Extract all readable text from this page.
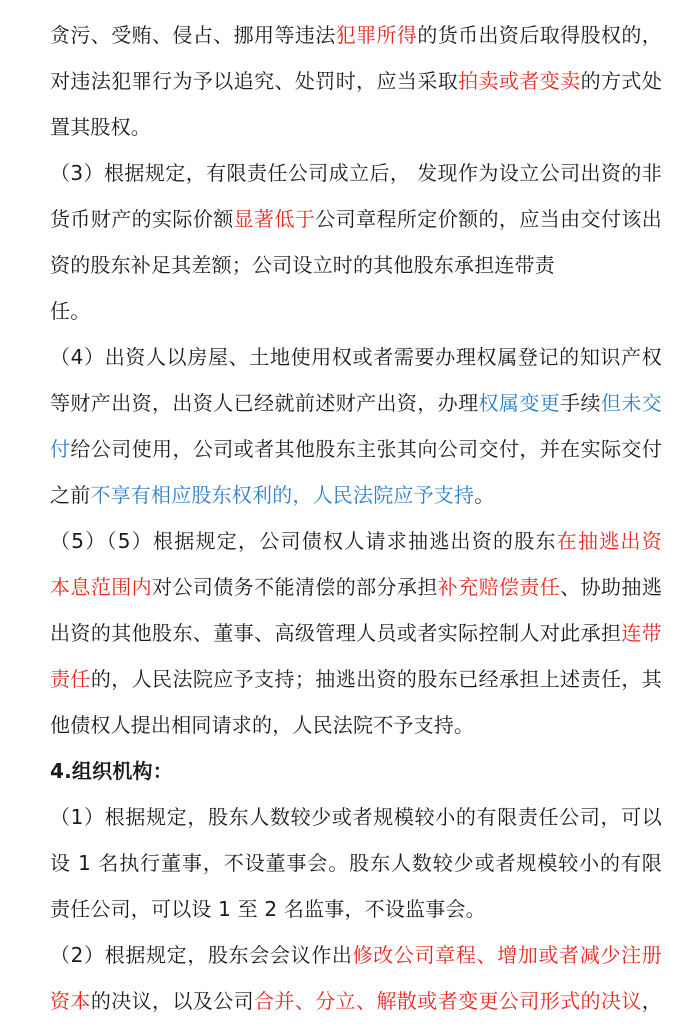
贪污、受贿、侵占、挪用等违法犯罪所得的货币出资后取得股权的，
对违法犯罪行为予以追究、处罚时，应当采取拍卖或者变卖的方式处
置其股权。
（3）根据规定，有限责任公司成立后， 发现作为设立公司出资的非
货币财产的实际价额显著低于公司章程所定价额的，应当由交付该出
资的股东补足其差额；公司设立时的其他股东承担连带责
任。
（4）出资人以房屋、土地使用权或者需要办理权属登记的知识产权
等财产出资，出资人已经就前述财产出资，办理权属变更手续但未交
付给公司使用，公司或者其他股东主张其向公司交付，并在实际交付
之前不享有相应股东权利的，人民法院应予支持。
（5）（5）根据规定，公司债权人请求抽逃出资的股东在抽逃出资
本息范围内对公司债务不能清偿的部分承担补充赔偿责任、协助抽逃
出资的其他股东、董事、高级管理人员或者实际控制人对此承担连带
责任的，人民法院应予支持；抽逃出资的股东已经承担上述责任，其
他债权人提出相同请求的，人民法院不予支持。
4.组织机构：
（1）根据规定，股东人数较少或者规模较小的有限责任公司，可以
设 1 名执行董事，不设董事会。股东人数较少或者规模较小的有限
责任公司，可以设 1 至 2 名监事，不设监事会。
（2）根据规定，股东会会议作出修改公司章程、增加或者减少注册
资本的决议，以及公司合并、分立、解散或者变更公司形式的决议，
